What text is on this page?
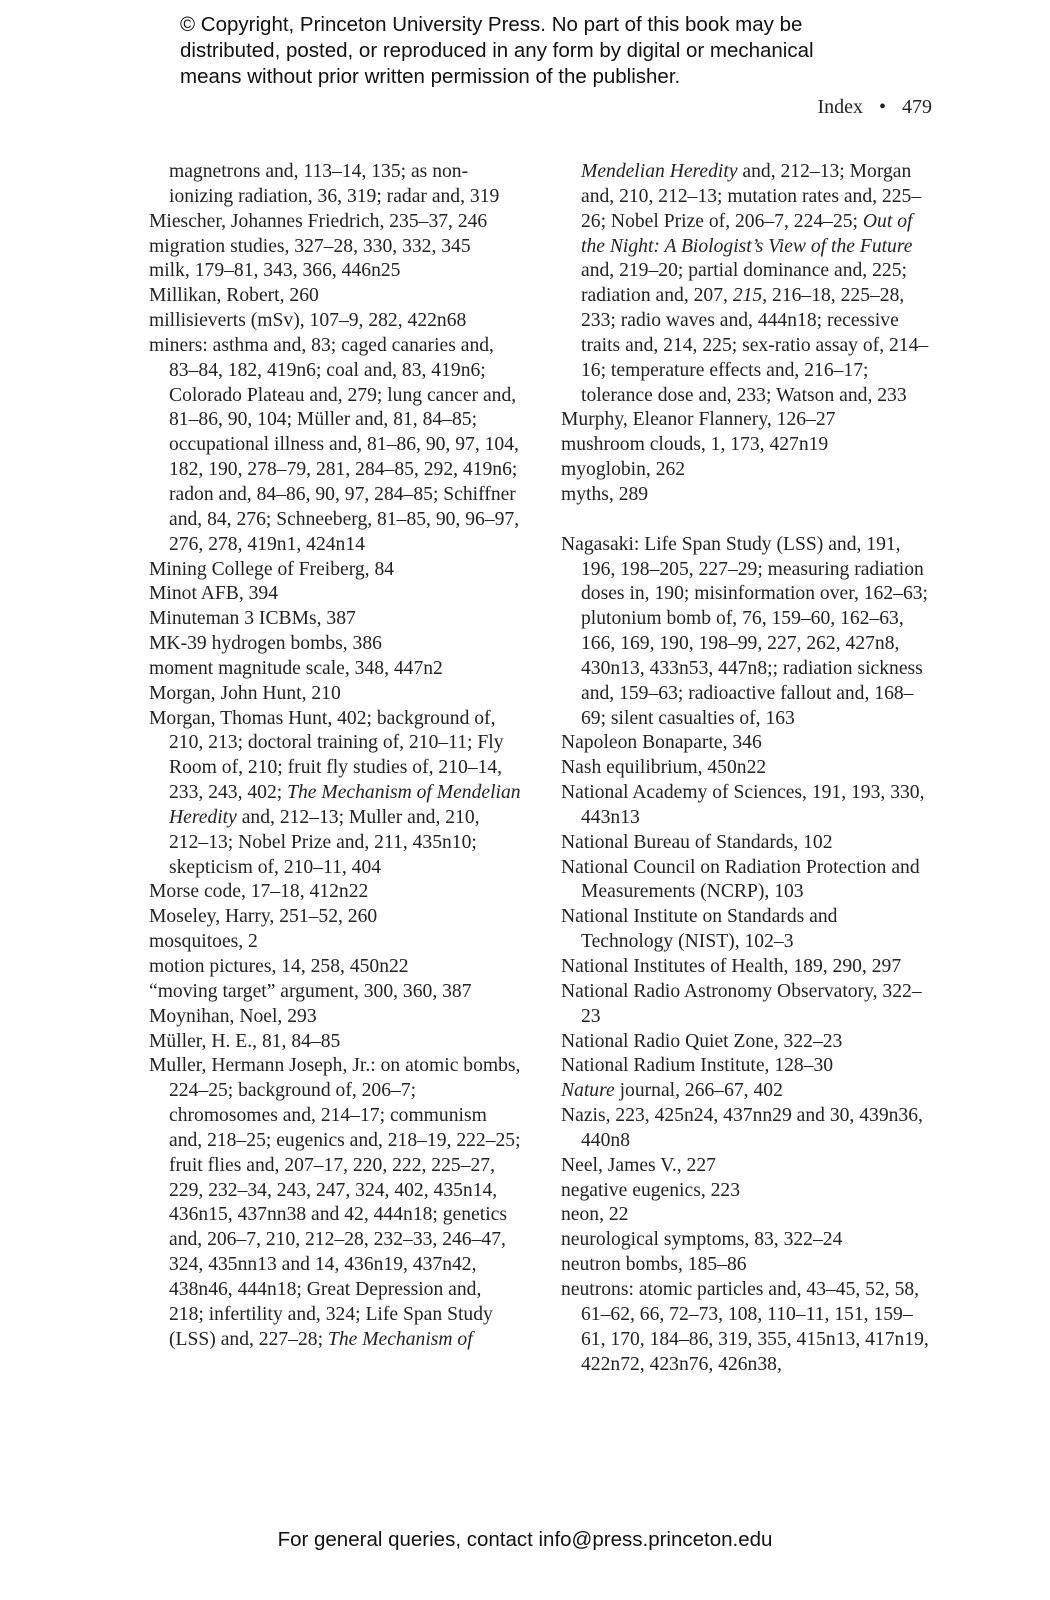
© Copyright, Princeton University Press. No part of this book may be
distributed, posted, or reproduced in any form by digital or mechanical
means without prior written permission of the publisher.
Index • 479
magnetrons and, 113–14, 135; as non-ionizing radiation, 36, 319; radar and, 319
Miescher, Johannes Friedrich, 235–37, 246
migration studies, 327–28, 330, 332, 345
milk, 179–81, 343, 366, 446n25
Millikan, Robert, 260
millisieverts (mSv), 107–9, 282, 422n68
miners: asthma and, 83; caged canaries and, 83–84, 182, 419n6; coal and, 83, 419n6; Colorado Plateau and, 279; lung cancer and, 81–86, 90, 104; Müller and, 81, 84–85; occupational illness and, 81–86, 90, 97, 104, 182, 190, 278–79, 281, 284–85, 292, 419n6; radon and, 84–86, 90, 97, 284–85; Schiffner and, 84, 276; Schneeberg, 81–85, 90, 96–97, 276, 278, 419n1, 424n14
Mining College of Freiberg, 84
Minot AFB, 394
Minuteman 3 ICBMs, 387
MK-39 hydrogen bombs, 386
moment magnitude scale, 348, 447n2
Morgan, John Hunt, 210
Morgan, Thomas Hunt, 402; background of, 210, 213; doctoral training of, 210–11; Fly Room of, 210; fruit fly studies of, 210–14, 233, 243, 402; The Mechanism of Mendelian Heredity and, 212–13; Muller and, 210, 212–13; Nobel Prize and, 211, 435n10; skepticism of, 210–11, 404
Morse code, 17–18, 412n22
Moseley, Harry, 251–52, 260
mosquitoes, 2
motion pictures, 14, 258, 450n22
“moving target” argument, 300, 360, 387
Moynihan, Noel, 293
Müller, H. E., 81, 84–85
Muller, Hermann Joseph, Jr.: on atomic bombs, 224–25; background of, 206–7; chromosomes and, 214–17; communism and, 218–25; eugenics and, 218–19, 222–25; fruit flies and, 207–17, 220, 222, 225–27, 229, 232–34, 243, 247, 324, 402, 435n14, 436n15, 437nn38 and 42, 444n18; genetics and, 206–7, 210, 212–28, 232–33, 246–47, 324, 435nn13 and 14, 436n19, 437n42, 438n46, 444n18; Great Depression and, 218; infertility and, 324; Life Span Study (LSS) and, 227–28; The Mechanism of
Mendelian Heredity and, 212–13; Morgan and, 210, 212–13; mutation rates and, 225–26; Nobel Prize of, 206–7, 224–25; Out of the Night: A Biologist’s View of the Future and, 219–20; partial dominance and, 225; radiation and, 207, 215, 216–18, 225–28, 233; radio waves and, 444n18; recessive traits and, 214, 225; sex-ratio assay of, 214–16; temperature effects and, 216–17; tolerance dose and, 233; Watson and, 233
Murphy, Eleanor Flannery, 126–27
mushroom clouds, 1, 173, 427n19
myoglobin, 262
myths, 289
Nagasaki: Life Span Study (LSS) and, 191, 196, 198–205, 227–29; measuring radiation doses in, 190; misinformation over, 162–63; plutonium bomb of, 76, 159–60, 162–63, 166, 169, 190, 198–99, 227, 262, 427n8, 430n13, 433n53, 447n8;; radiation sickness and, 159–63; radioactive fallout and, 168–69; silent casualties of, 163
Napoleon Bonaparte, 346
Nash equilibrium, 450n22
National Academy of Sciences, 191, 193, 330, 443n13
National Bureau of Standards, 102
National Council on Radiation Protection and Measurements (NCRP), 103
National Institute on Standards and Technology (NIST), 102–3
National Institutes of Health, 189, 290, 297
National Radio Astronomy Observatory, 322–23
National Radio Quiet Zone, 322–23
National Radium Institute, 128–30
Nature journal, 266–67, 402
Nazis, 223, 425n24, 437nn29 and 30, 439n36, 440n8
Neel, James V., 227
negative eugenics, 223
neon, 22
neurological symptoms, 83, 322–24
neutron bombs, 185–86
neutrons: atomic particles and, 43–45, 52, 58, 61–62, 66, 72–73, 108, 110–11, 151, 159–61, 170, 184–86, 319, 355, 415n13, 417n19, 422n72, 423n76, 426n38,
For general queries, contact info@press.princeton.edu
